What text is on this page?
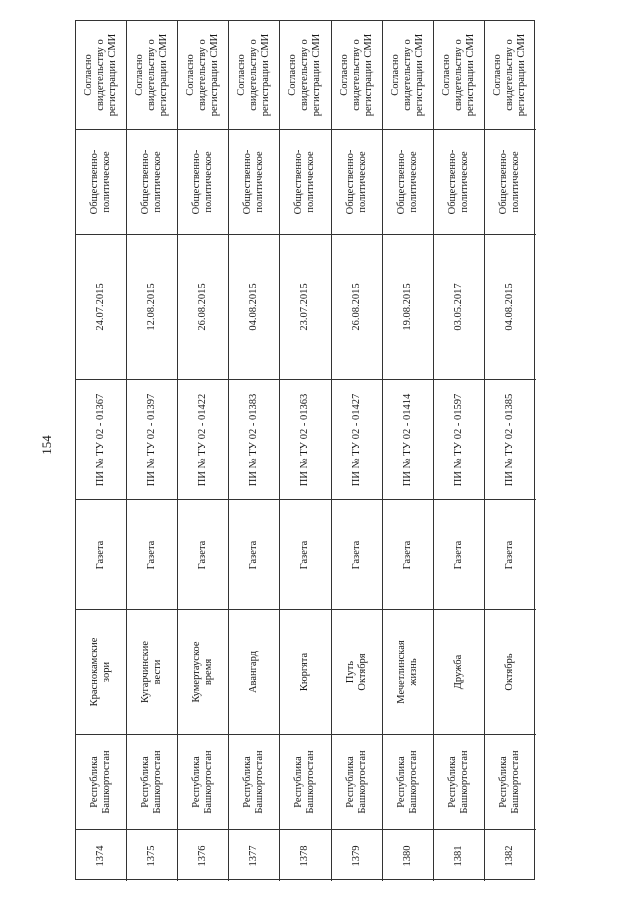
154
Согласно
свидетельству о
регистрации СМИ
Общественно-
политическое
24.07.2015
ПИ № ТУ 02 - 01367
Газета
Краснокамские
зори
Республика
Башкортостан
1374
Согласно
свидетельству о
регистрации СМИ
Общественно-
политическое
12.08.2015
ПИ № ТУ 02 - 01397
Газета
Кугарчинские
вести
Республика
Башкортостан
1375
Согласно
свидетельству о
регистрации СМИ
Общественно-
политическое
26.08.2015
ПИ № ТУ 02 - 01422
Газета
Кумертауское
время
Республика
Башкортостан
1376
Согласно
свидетельству о
регистрации СМИ
Общественно-
политическое
04.08.2015
ПИ № ТУ 02 - 01383
Газета
Авангард
Республика
Башкортостан
1377
Согласно
свидетельству о
регистрации СМИ
Общественно-
политическое
23.07.2015
ПИ № ТУ 02 - 01363
Газета
Кюргята
Республика
Башкортостан
1378
Согласно
свидетельству о
регистрации СМИ
Общественно-
политическое
26.08.2015
ПИ № ТУ 02 - 01427
Газета
Путь
Октября
Республика
Башкортостан
1379
Согласно
свидетельству о
регистрации СМИ
Общественно-
политическое
19.08.2015
ПИ № ТУ 02 - 01414
Газета
Мечетлинская
жизнь
Республика
Башкортостан
1380
Согласно
свидетельству о
регистрации СМИ
Общественно-
политическое
03.05.2017
ПИ № ТУ 02 - 01597
Газета
Дружба
Республика
Башкортостан
1381
Согласно
свидетельству о
регистрации СМИ
Общественно-
политическое
04.08.2015
ПИ № ТУ 02 - 01385
Газета
Октябрь
Республика
Башкортостан
1382
